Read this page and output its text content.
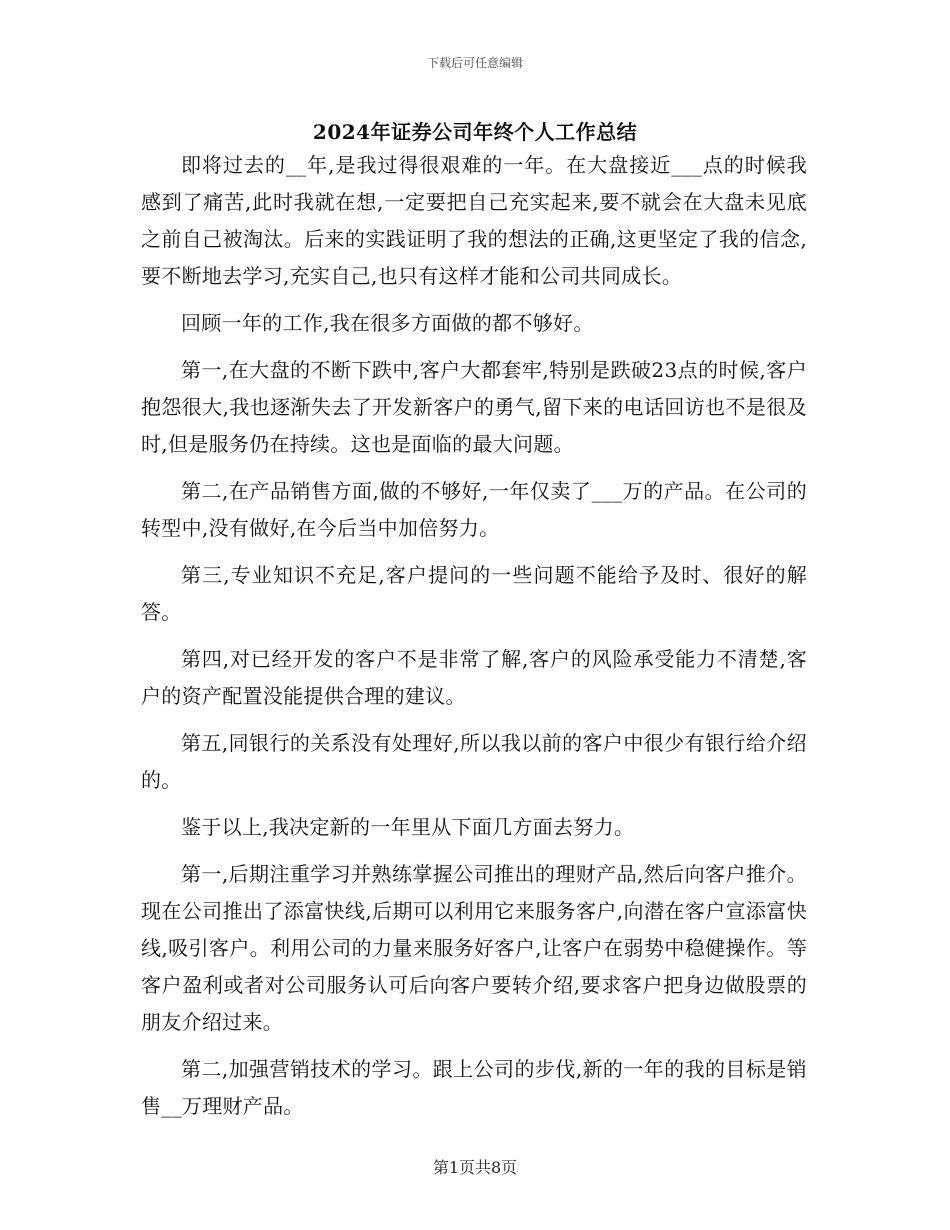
下载后可任意编辑
2024年证券公司年终个人工作总结

即将过去的__年,是我过得很艰难的一年。在大盘接近___点的时候我感到了痛苦,此时我就在想,一定要把自己充实起来,要不就会在大盘未见底之前自己被淘汰。后来的实践证明了我的想法的正确,这更坚定了我的信念,要不断地去学习,充实自己,也只有这样才能和公司共同成长。

回顾一年的工作,我在很多方面做的都不够好。

第一,在大盘的不断下跌中,客户大都套牢,特别是跌破23点的时候,客户抱怨很大,我也逐渐失去了开发新客户的勇气,留下来的电话回访也不是很及时,但是服务仍在持续。这也是面临的最大问题。

第二,在产品销售方面,做的不够好,一年仅卖了___万的产品。在公司的转型中,没有做好,在今后当中加倍努力。

第三,专业知识不充足,客户提问的一些问题不能给予及时、很好的解答。

第四,对已经开发的客户不是非常了解,客户的风险承受能力不清楚,客户的资产配置没能提供合理的建议。

第五,同银行的关系没有处理好,所以我以前的客户中很少有银行给介绍的。

鉴于以上,我决定新的一年里从下面几方面去努力。

第一,后期注重学习并熟练掌握公司推出的理财产品,然后向客户推介。现在公司推出了添富快线,后期可以利用它来服务客户,向潜在客户宣添富快线,吸引客户。利用公司的力量来服务好客户,让客户在弱势中稳健操作。等客户盈利或者对公司服务认可后向客户要转介绍,要求客户把身边做股票的朋友介绍过来。

第二,加强营销技术的学习。跟上公司的步伐,新的一年的我的目标是销售__万理财产品。

第1页共8页
